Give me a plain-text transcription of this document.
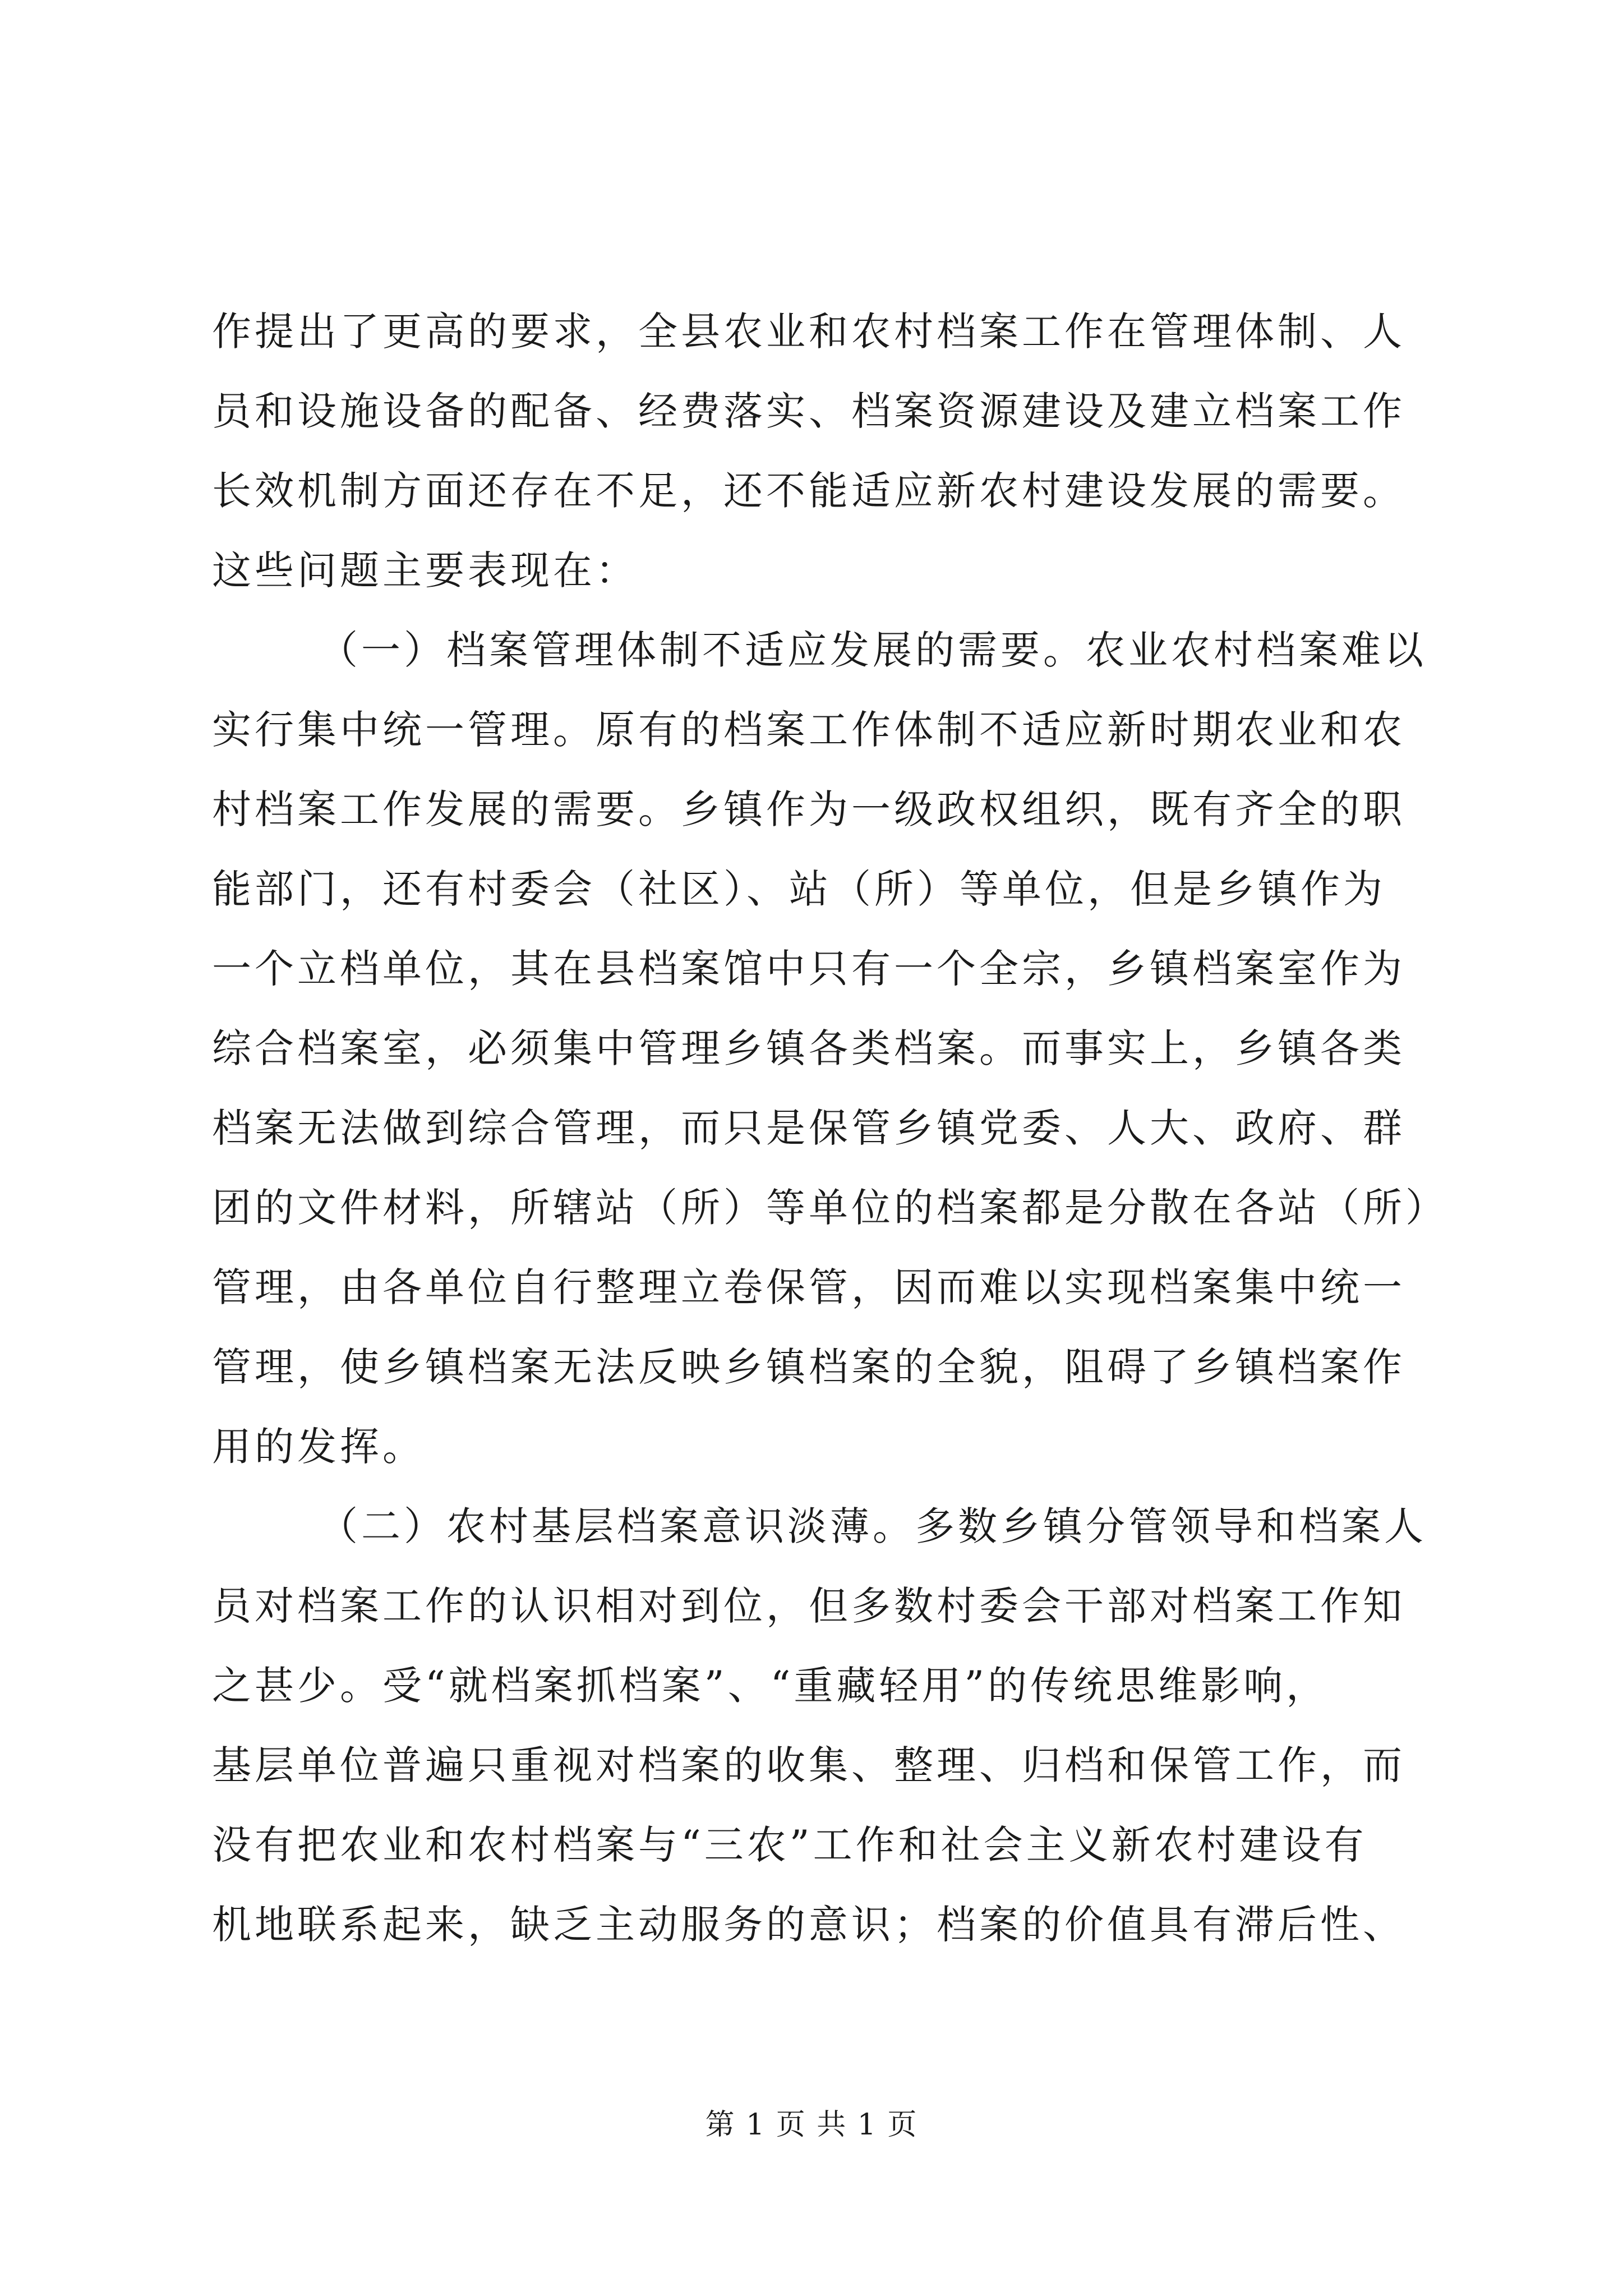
作提出了更高的要求，全县农业和农村档案工作在管理体制、人
员和设施设备的配备、经费落实、档案资源建设及建立档案工作
长效机制方面还存在不足，还不能适应新农村建设发展的需要。
这些问题主要表现在：
（一）档案管理体制不适应发展的需要。农业农村档案难以
实行集中统一管理。原有的档案工作体制不适应新时期农业和农
村档案工作发展的需要。乡镇作为一级政权组织，既有齐全的职
能部门，还有村委会（社区）、站（所）等单位，但是乡镇作为
一个立档单位，其在县档案馆中只有一个全宗，乡镇档案室作为
综合档案室，必须集中管理乡镇各类档案。而事实上，乡镇各类
档案无法做到综合管理，而只是保管乡镇党委、人大、政府、群
团的文件材料，所辖站（所）等单位的档案都是分散在各站（所）
管理，由各单位自行整理立卷保管，因而难以实现档案集中统一
管理，使乡镇档案无法反映乡镇档案的全貌，阻碍了乡镇档案作
用的发挥。
（二）农村基层档案意识淡薄。多数乡镇分管领导和档案人
员对档案工作的认识相对到位，但多数村委会干部对档案工作知
之甚少。受“就档案抓档案”、“重藏轻用”的传统思维影响，
基层单位普遍只重视对档案的收集、整理、归档和保管工作，而
没有把农业和农村档案与“三农”工作和社会主义新农村建设有
机地联系起来，缺乏主动服务的意识；档案的价值具有滞后性、
第 1 页 共 1 页
